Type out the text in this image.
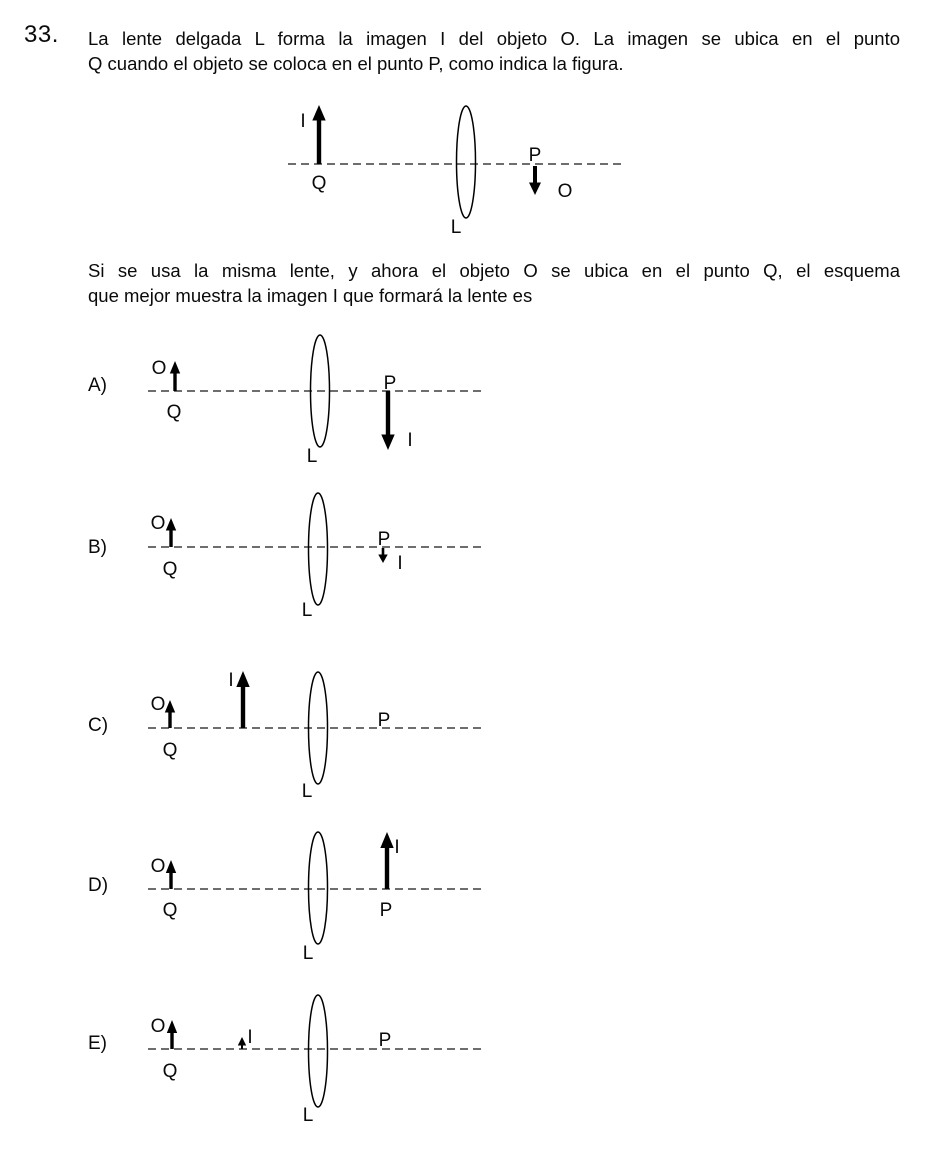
33. La lente delgada L forma la imagen I del objeto O. La imagen se ubica en el punto
Q cuando el objeto se coloca en el punto P, como indica la figura.
I
Q
L
P
O
Si se usa la misma lente, y ahora el objeto O se ubica en el punto Q, el esquema
que mejor muestra la imagen I que formará la lente es
A)
O
Q
L
P
I
B)
O
Q
L
P
I
C)
O
Q
I
L
P
D)
O
Q
L
I
P
E)
O
Q
I
L
P
